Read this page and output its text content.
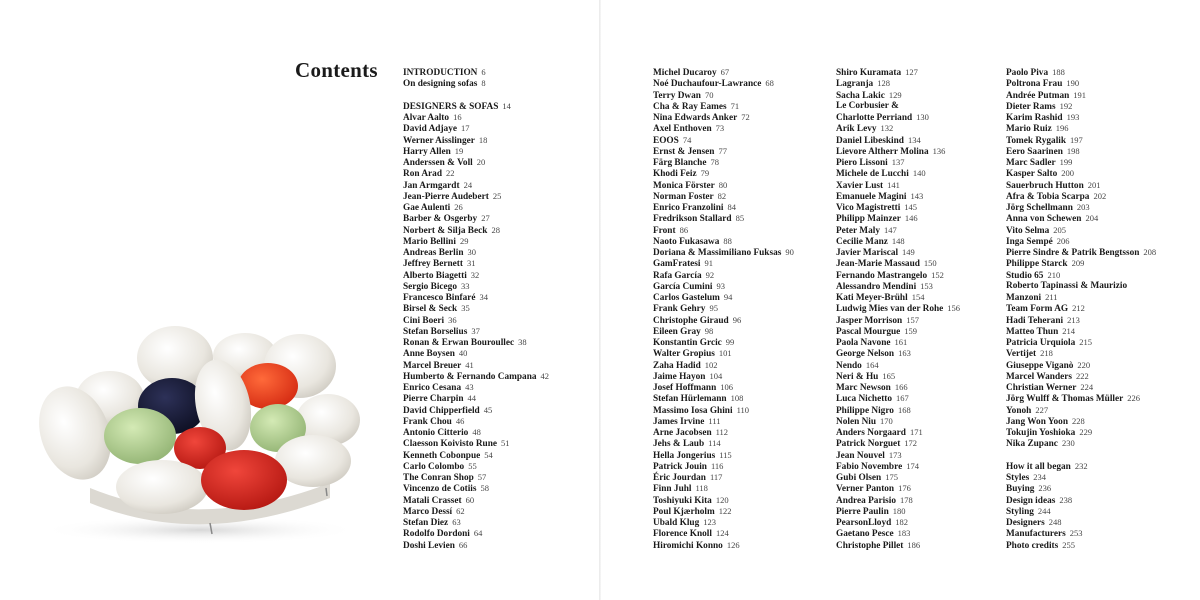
Contents	INTRODUCTION 6
On designing sofas 8
DESIGNERS & SOFAS 14
Alvar Aalto 16
David Adjaye 17
Werner Aisslinger 18
Harry Allen 19
Anderssen & Voll 20
Ron Arad 22
Jan Armgardt 24
Jean-Pierre Audebert 25
Gae Aulenti 26
Barber & Osgerby 27
Norbert & Silja Beck 28
Mario Bellini 29
Andreas Berlin 30
Jeffrey Bernett 31
Alberto Biagetti 32
Sergio Bicego 33
Francesco Binfaré 34
Birsel & Seck 35
Cini Boeri 36
Stefan Borselius 37
Ronan & Erwan Bouroullec 38
Anne Boysen 40
Marcel Breuer 41
Humberto & Fernando Campana 42
Enrico Cesana 43
Pierre Charpin 44
David Chipperfield 45
Frank Chou 46
Antonio Citterio 48
Claesson Koivisto Rune 51
Kenneth Cobonpue 54
Carlo Colombo 55
The Conran Shop 57
Vincenzo de Cotiis 58
Matali Crasset 60
Marco Dessí 62
Stefan Diez 63
Rodolfo Dordoni 64
Doshi Levien 66
Michel Ducaroy 67
Noé Duchaufour-Lawrance 68
Terry Dwan 70
Cha & Ray Eames 71
Nina Edwards Anker 72
Axel Enthoven 73
EOOS 74
Ernst & Jensen 77
Färg Blanche 78
Khodi Feiz 79
Monica Förster 80
Norman Foster 82
Enrico Franzolini 84
Fredrikson Stallard 85
Front 86
Naoto Fukasawa 88
Doriana & Massimiliano Fuksas 90
GamFratesi 91
Rafa García 92
García Cumini 93
Carlos Gastelum 94
Frank Gehry 95
Christophe Giraud 96
Eileen Gray 98
Konstantin Grcic 99
Walter Gropius 101
Zaha Hadid 102
Jaime Hayon 104
Josef Hoffmann 106
Stefan Hürlemann 108
Massimo Iosa Ghini 110
James Irvine 111
Arne Jacobsen 112
Jehs & Laub 114
Hella Jongerius 115
Patrick Jouin 116
Éric Jourdan 117
Finn Juhl 118
Toshiyuki Kita 120
Poul Kjærholm 122
Ubald Klug 123
Florence Knoll 124
Hiromichi Konno 126
Shiro Kuramata 127
Lagranja 128
Sacha Lakic 129
Le Corbusier &
Charlotte Perriand 130
Arik Levy 132
Daniel Libeskind 134
Lievore Altherr Molina 136
Piero Lissoni 137
Michele de Lucchi 140
Xavier Lust 141
Emanuele Magini 143
Vico Magistretti 145
Philipp Mainzer 146
Peter Maly 147
Cecilie Manz 148
Javier Mariscal 149
Jean-Marie Massaud 150
Fernando Mastrangelo 152
Alessandro Mendini 153
Kati Meyer-Brühl 154
Ludwig Mies van der Rohe 156
Jasper Morrison 157
Pascal Mourgue 159
Paola Navone 161
George Nelson 163
Nendo 164
Neri & Hu 165
Marc Newson 166
Luca Nichetto 167
Philippe Nigro 168
Nolen Niu 170
Anders Norgaard 171
Patrick Norguet 172
Jean Nouvel 173
Fabio Novembre 174
Gubi Olsen 175
Verner Panton 176
Andrea Parisio 178
Pierre Paulin 180
PearsonLloyd 182
Gaetano Pesce 183
Christophe Pillet 186
Paolo Piva 188
Poltrona Frau 190
Andrée Putman 191
Dieter Rams 192
Karim Rashid 193
Mario Ruiz 196
Tomek Rygalik 197
Eero Saarinen 198
Marc Sadler 199
Kasper Salto 200
Sauerbruch Hutton 201
Afra & Tobia Scarpa 202
Jörg Schellmann 203
Anna von Schewen 204
Vito Selma 205
Inga Sempé 206
Pierre Sindre & Patrik Bengtsson 208
Philippe Starck 209
Studio 65 210
Roberto Tapinassi & Maurizio
Manzoni 211
Team Form AG 212
Hadi Teherani 213
Matteo Thun 214
Patricia Urquiola 215
Vertijet 218
Giuseppe Viganò 220
Marcel Wanders 222
Christian Werner 224
Jörg Wulff & Thomas Müller 226
Yonoh 227
Jang Won Yoon 228
Tokujin Yoshioka 229
Nika Zupanc 230
How it all began 232
Styles 234
Buying 236
Design ideas 238
Styling 244
Designers 248
Manufacturers 253
Photo credits 255
